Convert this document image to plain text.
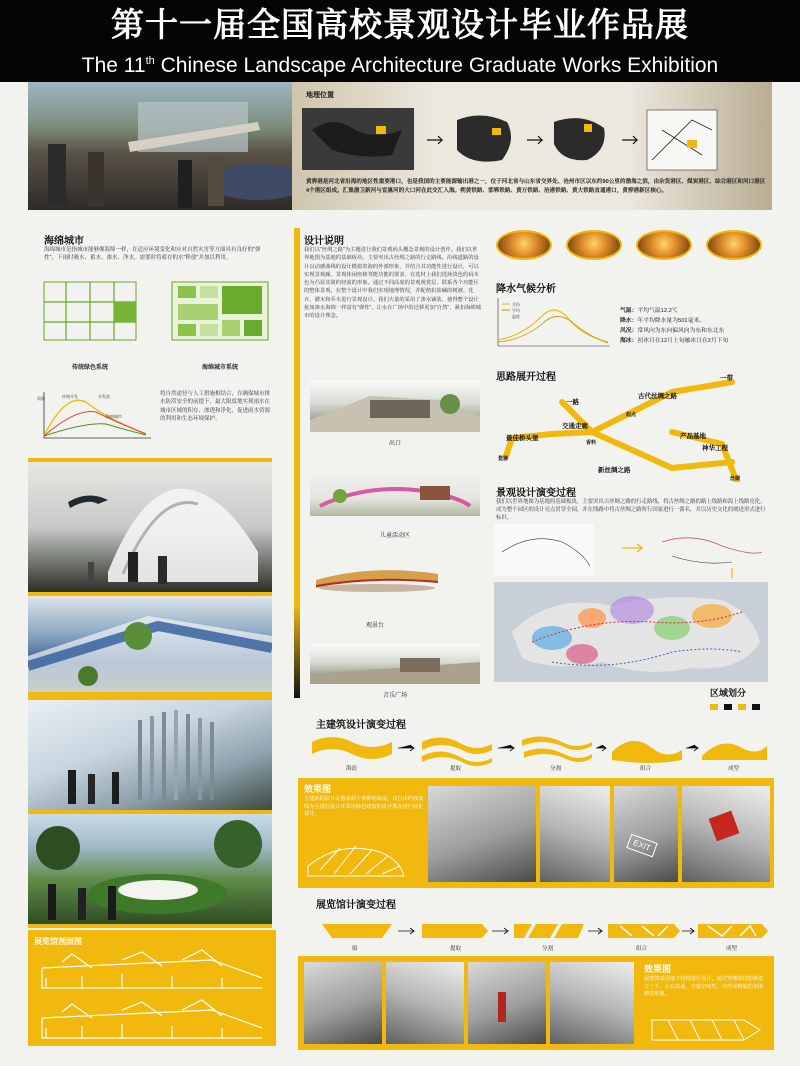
第十一届全国高校景观设计毕业作品展
The 11th Chinese Landscape Architecture Graduate Works Exhibition
地理位置
黄骅港是河北省沿海的地区性重要港口，也是我国的主要能源输出港之一，位于河北省与山东省交界处、沧州市区以东约90公里的渤海之滨，由杂货港区、煤炭港区、综合港区和河口港区4个港区组成。汇集渤卫新河与宣惠河的大口河在此交汇入海。朔黄铁路、邯郸铁路、黄万铁路、沧港铁路、黄大铁路直通港口，黄骅港新区核心。
海绵城市
海绵城市是指城市能够像海绵一样，在适应环境变化和应对自然灾害等方面具有良好的"弹性"，下雨时吸水、蓄水、渗水、净水，需要时将蓄存的水"释放"并加以利用。
传统绿色系统	海绵城市系统
雨量	传统开发	开发前
海绵城市
将自然途径与人工措施相结合，在确保城市排水防涝安全的前提下，最大限度地实现雨水在城市区域的积存、渗透和净化，促进雨水资源的利用和生态环境保护。
展览馆剖面图
设计说明
我们以"丝绸之路"为主题进行我们景观码头概念景观的设计创作。我们以世界地图为基地的基础板块，主要突出古丝绸之路的行走路线。沿线道路的设计以动感曲线的设计模拟着海的外部形象，并结合其功能性进行设计，可以实现景观廊、景观休闲座椅等能功能的要求，在选材上我们选择淡色的码木色为凸显其简约轻盈的形象。通过不同高度的景观观赏层，联系各个功能区的整体景观，在整个设计中我们实现地理情况，并配植抗盐碱的树被、花卉、灌木和乔木进行景观设计。我们大量的采用了渗水铺装，使得整个设计犹如渗水海绵一样富有"弹性"，让水在广场中的迁移更加"自然"，紧扣海绵城市的设计理念。
出口
儿童活动区
观景台
音乐广场
降水气候分析
月份
平均
温度
气温：平均气温12.2℃
降水：年平均降水量为501毫米。
风况：常风向为东向偏风向为东和东北东
海冰：初冰日在12月上旬融冰日在2月下旬
思路展开过程	一带
古代丝绸之路
一路
起点
交通走廊
最佳桥头堡	产品基地
神华工程
香料
新丝绸之路
瓷器
丝绸
景观设计演变过程
我们以世界地图为基地的基础板块，主要突出古丝绸之路的行走路线，将古丝绸之路的路上线路和海上线路亮化，成为整个园区的设计亮点贯穿全园，并在线路中将古丝绸之路所行国家进行一番名，并以历史文化的阐述形式进行标识。
区域划分
主建筑设计演变过程
海浪	提取	分割	组合	成型
效果图
主建筑的设计灵感来源于黄骅的海浪，以自由的波浪线为主进行设计并采用绿色建筑的设计理念进行绿化设计。
EXIT
展览馆计演变过程
船	提取	分割	组合	成型
效果图
展览馆采用地下结构进行设计，通过穿插的结构将进行上下、左右贯通，丰富空间性，并形成精船的氛围感觉形象。
